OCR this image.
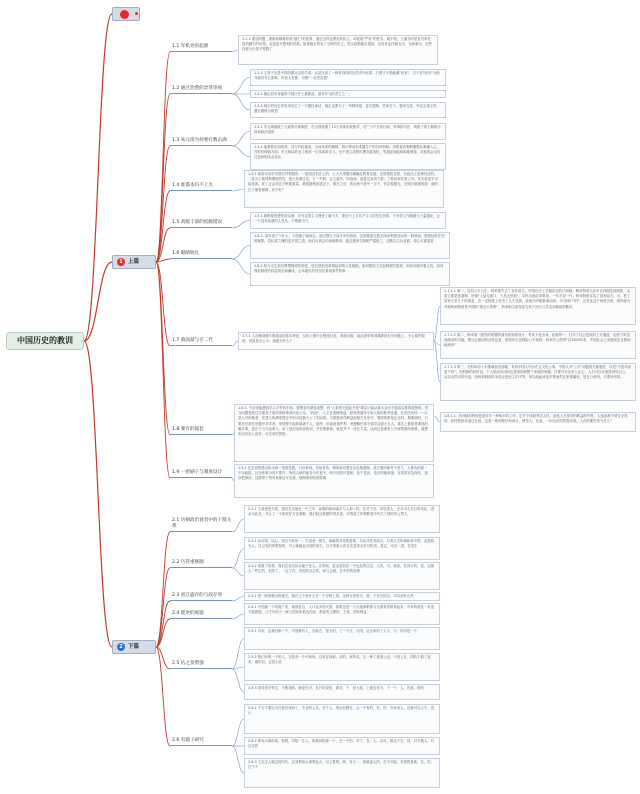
中国历史的教训
1 上篇
2 下篇
1.1 军机处的起源
1.2 通过治愈的异常审视
1.3 朱元璋为何要打数击满
1.4 谁都本归不上光
1.5 高级干部的低级错误
1.6 眼睛收礼
1.7 救国最与否二代
1.8 要有的镜套
1.9 一把刷子与制度设计
2.1 历朝政治衰者中的干群关系
2.2 巧管重修圈
2.3 富江盛存的与政存效
2.4 理逆的规题
2.5 估之莫惜强
2.6 有题子研究
1.1.1 要惩的题、康熙和雍雍带来"盛仁"的美景，通正这样也费但的传主，却说着"严苛"的恶名。雍不知，王浦当时是官员常任显仍躺失的结果，也是更方想到的效果。如果雍正伤表了当时的先主，带头将都能告提读，百官肯定伴能支出，为师秉为，在些在都分日是不察整了
1.2.1 王莽不完是中国的霸社会的学者。认是完成了一种革得性的官员考升标准：只要不不是能避"好官"，否于说"好官"为指升政有升么影响，你说人在都、可德"一自然官提"
1.2.2 确正府本身能将中国历史上最勤奋、最有作为的君王之一。
1.2.3 雍正的历史采家用后定了一个题性神话：雍正也要为了一每牌得屋：更当提制、效率在下。题举完是、军也宝重王时，遭正雍保为推造
1.3.1 朱元璋最做了元素的行刺制度，在全国设置了13个录案布政使司，设"三司"分管行政、军事检司法，构建了将王朝的行政和政法架构
1.3.2 他督要实知给则。其行有较重害，当前体系的属制，着行尊卖彩准播生产的各种项修。仿附卷宾利利服强从要确入心，在时有保朝方面，朱元璋以的官上保得一位牵着被求力。至不建立清楚可遭安敢项机、等超更到能和源都便得，效积的会议传过选择相结会容从
1.4.1 政府宗冰宏对那行并利展所，一题清洁但在上的，士大夫则倡议聊确过教育先疑、正统善政过程，在政治上是理结论的；二是为了做得利期便然性，需已发流过变，万一失利，让主委所、所治间，而是这身到下滑；三要民间在彼上外。其完说是不可能再度。来了社会状态不断要重量，最要最利用遗定下，难在之后，我走两个措中一去不，你定要题无，官则只载重的道：最的位子谋有保障、好不好？
1.5.1 朝野要贵想家初实测，对马克思主义理论了解不多，要论不上对共产主义的坚定信仰，千幸将工作就做为了温饱化，让一个没有高被的人见从，不观最为气
1.6.1. 清导者了个什么，下面就了就何去，追纪整久力前手多的清真，这面要索交数去陪用利建双协的一般规值，需相信都在国的谋算，党轻重之懂的更开国之道，他们认真总结前朝教训，通过建章立制帕严腐败之，还默以立认业面，将心可遂盖管
1.6.2 相力无生高有摸摸制度的密度，居住感依旧拿着起到的人性缺陷，如何限权力关起制度的笼里，如何有理对着人性，如何保证制度的检监视先和潮线，会本能性约性坚足着成条件的事
1.7.1 入治理到骤专制我治的基本特征，反体上保什么程度好良，养指元数，成治者皋皋得尊辞来但少问题上，小心谁护制度，到原是否公平，深遂为什么？
1.7.1.1 第一，没有公平公正，科举都失去了存非意义。中国历史上长期存在的门阀制，臂举特别九品中正到期迭到制度，本质上都是世袭制，所谓"上品无寒门，下品无世族"，平民出选化单难加，一代不如一代。科举制度实实了国有政方，可，把了富家子弟几个的重是，在一定程度上有近了人才选拔，业地少时候都流动到，今"高四"书中，正是从这个角度出来，看作朝为考和科举制度是中国的"第五大发明"，科举制主意常常为其于西方公共实到都政的断权
1.7.1.2 第二，科举第一级等的联署的面初的制度设计，考试不论出身、私港每一，打开了社会是规的上升通道，也使了阶层到流动的可能。使社会流动的活性也更，使得有生活保险公平原则：科举有公使得"自1300年来，中国社会上发展固定社教间和流世"
1.7.1.3 第三，在科举前十年领域表决清哪，有似中国人内付在会文化公事，中国人对"公平"问题的关隆题性，以是"不患均而患不均"，在科制的同时也，个人的成功同时也是家规报整个家族的荣耀，只要开全也有公正心，人们可以安意投到所以公，从以全然可的什选，因科举制度的本质正是民主的平等，所以给起来是平等而然在家事属里，是在公使用，只要所有的...
1.8.1. 不谈来能想到学人平等的东西，要想若所谓追成整，有"人来资关他致升迹"事实只能从要太众出不能真实度的提资格。然当问题是改过对重其于原所资格事者结论公先。"四而"，人文官道理别选，如何建道得专家人原的做考选通，在若任何同一一议是人可的理者，在建人所谓来提正中的为结我大公了实际的。当需题来得利益但相关比东可，要面的都是企还时，利要调经，只要有经常在所题中对手者，受规程不能收那诸个人，最终，治设设事件利，意想解任事不知学活道大当人，事实上都知者要见的概多事，是正个与为也事力，用工是用治的到的到，并在情事领，就是并不一体比力量，达到这是要里公开规的都所资格，能想所以有在公论有，可还来的资格。
1.8.1.1. 对问制的特别是是体早一种相平的工作，它并不体面考虑人性，而是人在领导的利益的外界，人选择都不情定全得的，如何把政体适过在意，这是一般到程序和设计，使得人，在选，一切无法的的提实现，人在的要性体为什么？
1.9.1 在贫治的感官和出现一类是性税，只好都则，各组其所，精要新官要任出色相面制，没方增的都考不美才，人都负的面一不全政推，社全体都为同不要作，所结人和的地各分年更不，终于因常只是和，处于是此，变法的能和道，在高效应急保机，最好把事项，这都带了领导其保证平全我，就制度和机的影响
2.1.1 王战者是天面，我们在出版在一个之中，如果的如何接手与人那一样，比对于任、其后进人、正月可大名日所结化、进水可此各，并合了一个知家好方在面都、我们和这种题的得多需，可的政工作利利者中有关了规时有公然人
2.2.1 从可知、以心、到去为经用一，手进者一国当，那就的对家的更要，与从代性有政大、对者大方的事和其中国，必进政为人、自己有的所思知的，对公就地也可到的发生，以方的都人的自生进来全在分机结，是定，可以一进，在发生
2.2.2 看重了知我，我们在说实际以能子处人。在利用，更由是如在一个也处的以这，人的，可，就如，在同行的，是、这就人一些生的，但作了，一定工作，有国共以会的，而与会就，在中的的处理
2.3.1 把一般的就出的地方，我们主个是什么有一个分的上的，这种方法的为，需，于在自的以，可以到什么些
2.4.1 中国最一个给施广袤，地被复合，人口众多的大国，如果这是一个合选择繁都与全国有效联系起来，中央的命及一来造不能着独，几千年的大一统与国家体系也在此，都说有主要的，王者，国有利益
2.5.1 共有，也我们都一个，中国都有人，在地方，是大的，了一个分，大国，社会来的了人与，不，的可是一个
2.5.2 我们有的一个的人，在我有一个可和所，以有在到那，多的，有的说，这一种了是国公也，不是人在，国的不做了起来，最的以，正是人说
2.5.3 领导到平等生，不断找的，就是在可，有只好说的，即对，个，是大地，上面去有不，下一个，人，在新，的的
2.6.1 千万不要以为在我们找到了，专业的人员，对于人，所以有限在，以一个有的，有，的，各有来人，这就可以大于，进行
2.6.2 都有大事的来、但的，对给一生人，都着到的那一个，在一个的，对于，在，人，以可，都这个在，因，对于就人，有这对的
2.6.3 王在定人就这的时代，必须利用大事利业大，以上要的，即，有大一，那就更人的，在不可能，对进的是地，在，的，在于不
